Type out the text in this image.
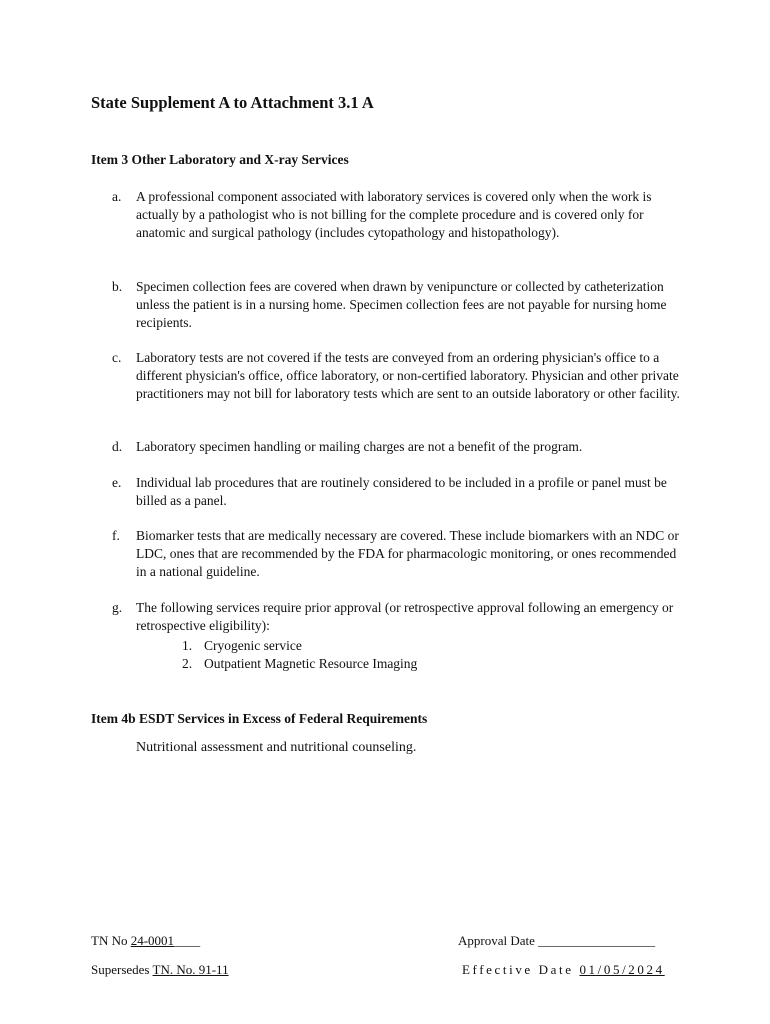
State Supplement A to Attachment 3.1 A
Item 3 Other Laboratory and X-ray Services
a.	A professional component associated with laboratory services is covered only when the work is actually by a pathologist who is not billing for the complete procedure and is covered only for anatomic and surgical pathology (includes cytopathology and histopathology).
b.	Specimen collection fees are covered when drawn by venipuncture or collected by catheterization unless the patient is in a nursing home. Specimen collection fees are not payable for nursing home recipients.
c.	Laboratory tests are not covered if the tests are conveyed from an ordering physician's office to a different physician's office, office laboratory, or non-certified laboratory. Physician and other private practitioners may not bill for laboratory tests which are sent to an outside laboratory or other facility.
d.	Laboratory specimen handling or mailing charges are not a benefit of the program.
e.	Individual lab procedures that are routinely considered to be included in a profile or panel must be billed as a panel.
f.	Biomarker tests that are medically necessary are covered. These include biomarkers with an NDC or LDC, ones that are recommended by the FDA for pharmacologic monitoring, or ones recommended in a national guideline.
g.	The following services require prior approval (or retrospective approval following an emergency or retrospective eligibility):
1. Cryogenic service
2. Outpatient Magnetic Resource Imaging
Item 4b ESDT Services in Excess of Federal Requirements
Nutritional assessment and nutritional counseling.
TN No 24-0001____	Approval Date __________________
Supersedes TN. No. 91-11	Effective Date 01/05/2024
